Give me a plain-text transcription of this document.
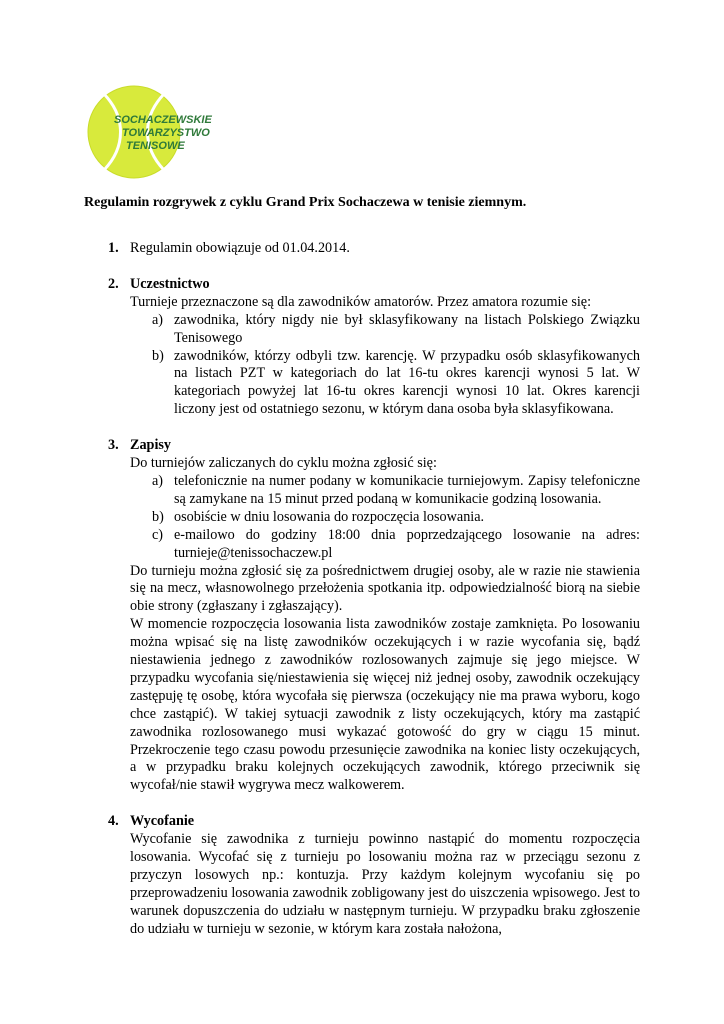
SOCHACZEWSKIE
TOWARZYSTWO
TENISOWE
Regulamin rozgrywek z cyklu Grand Prix Sochaczewa w tenisie ziemnym.
1. Regulamin obowiązuje od 01.04.2014.
2. Uczestnictwo
Turnieje przeznaczone są dla zawodników amatorów. Przez amatora rozumie się:
a) zawodnika, który nigdy nie był sklasyfikowany na listach Polskiego Związku Tenisowego
b) zawodników, którzy odbyli tzw. karencję. W przypadku osób sklasyfikowanych na listach PZT w kategoriach do lat 16-tu okres karencji wynosi 5 lat. W kategoriach powyżej lat 16-tu okres karencji wynosi 10 lat. Okres karencji liczony jest od ostatniego sezonu, w którym dana osoba była sklasyfikowana.
3. Zapisy
Do turniejów zaliczanych do cyklu można zgłosić się:
a) telefonicznie na numer podany w komunikacie turniejowym. Zapisy telefoniczne są zamykane na 15 minut przed podaną w komunikacie godziną losowania.
b) osobiście w dniu losowania do rozpoczęcia losowania.
c) e-mailowo do godziny 18:00 dnia poprzedzającego losowanie na adres: turnieje@tenissochaczew.pl
Do turnieju można zgłosić się za pośrednictwem drugiej osoby, ale w razie nie stawienia się na mecz, własnowolnego przełożenia spotkania itp. odpowiedzialność biorą na siebie obie strony (zgłaszany i zgłaszający).
W momencie rozpoczęcia losowania lista zawodników zostaje zamknięta. Po losowaniu można wpisać się na listę zawodników oczekujących i w razie wycofania się, bądź niestawienia jednego z zawodników rozlosowanych zajmuje się jego miejsce. W przypadku wycofania się/niestawienia się więcej niż jednej osoby, zawodnik oczekujący zastępuję tę osobę, która wycofała się pierwsza (oczekujący nie ma prawa wyboru, kogo chce zastąpić). W takiej sytuacji zawodnik z listy oczekujących, który ma zastąpić zawodnika rozlosowanego musi wykazać gotowość do gry w ciągu 15 minut. Przekroczenie tego czasu powodu przesunięcie zawodnika na koniec listy oczekujących, a w przypadku braku kolejnych oczekujących zawodnik, którego przeciwnik się wycofał/nie stawił wygrywa mecz walkowerem.
4. Wycofanie
Wycofanie się zawodnika z turnieju powinno nastąpić do momentu rozpoczęcia losowania. Wycofać się z turnieju po losowaniu można raz w przeciągu sezonu z przyczyn losowych np.: kontuzja. Przy każdym kolejnym wycofaniu się po przeprowadzeniu losowania zawodnik zobligowany jest do uiszczenia wpisowego. Jest to warunek dopuszczenia do udziału w następnym turnieju. W przypadku braku zgłoszenie do udziału w turnieju w sezonie, w którym kara została nałożona,
